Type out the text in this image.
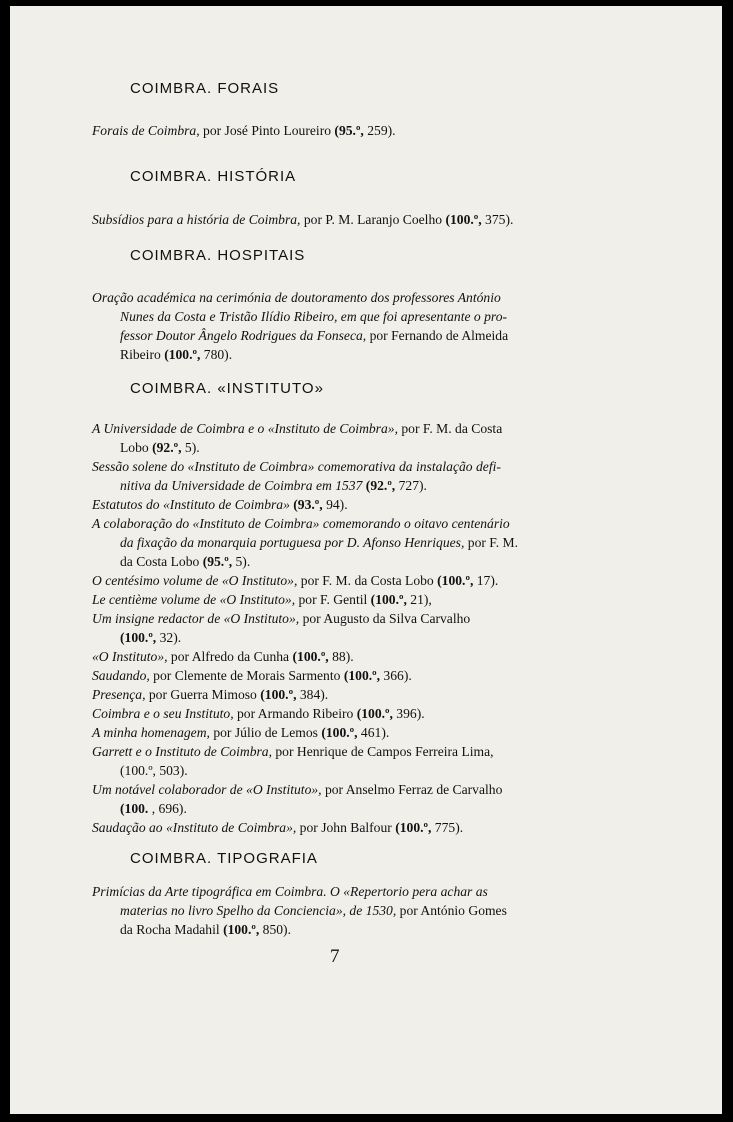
COIMBRA. FORAIS
Forais de Coimbra, por José Pinto Loureiro (95.º, 259).
COIMBRA. HISTÓRIA
Subsídios para a história de Coimbra, por P. M. Laranjo Coelho (100.º, 375).
COIMBRA. HOSPITAIS
Oração académica na cerimónia de doutoramento dos professores António
Nunes da Costa e Tristão Ilídio Ribeiro, em que foi apresentante o pro-
fessor Doutor Ângelo Rodrigues da Fonseca, por Fernando de Almeida
Ribeiro (100.º, 780).
COIMBRA. «INSTITUTO»
A Universidade de Coimbra e o «Instituto de Coimbra», por F. M. da Costa
Lobo (92.º, 5).
Sessão solene do «Instituto de Coimbra» comemorativa da instalação defi-
nitiva da Universidade de Coimbra em 1537 (92.º, 727).
Estatutos do «Instituto de Coimbra» (93.º, 94).
A colaboração do «Instituto de Coimbra» comemorando o oitavo centenário
da fixação da monarquia portuguesa por D. Afonso Henriques, por F. M.
da Costa Lobo (95.º, 5).
O centésimo volume de «O Instituto», por F. M. da Costa Lobo (100.º, 17).
Le centième volume de «O Instituto», por F. Gentil (100.º, 21),
Um insigne redactor de «O Instituto», por Augusto da Silva Carvalho
(100.º, 32).
«O Instituto», por Alfredo da Cunha (100.º, 88).
Saudando, por Clemente de Morais Sarmento (100.º, 366).
Presença, por Guerra Mimoso (100.º, 384).
Coimbra e o seu Instituto, por Armando Ribeiro (100.º, 396).
A minha homenagem, por Júlio de Lemos (100.º, 461).
Garrett e o Instituto de Coimbra, por Henrique de Campos Ferreira Lima,
(100.º, 503).
Um notável colaborador de «O Instituto», por Anselmo Ferraz de Carvalho
(100. , 696).
Saudação ao «Instituto de Coimbra», por John Balfour (100.º, 775).
COIMBRA. TIPOGRAFIA
Primícias da Arte tipográfica em Coimbra. O «Repertorio pera achar as
materias no livro Spelho da Conciencia», de 1530, por António Gomes
da Rocha Madahil (100.º, 850).
7
